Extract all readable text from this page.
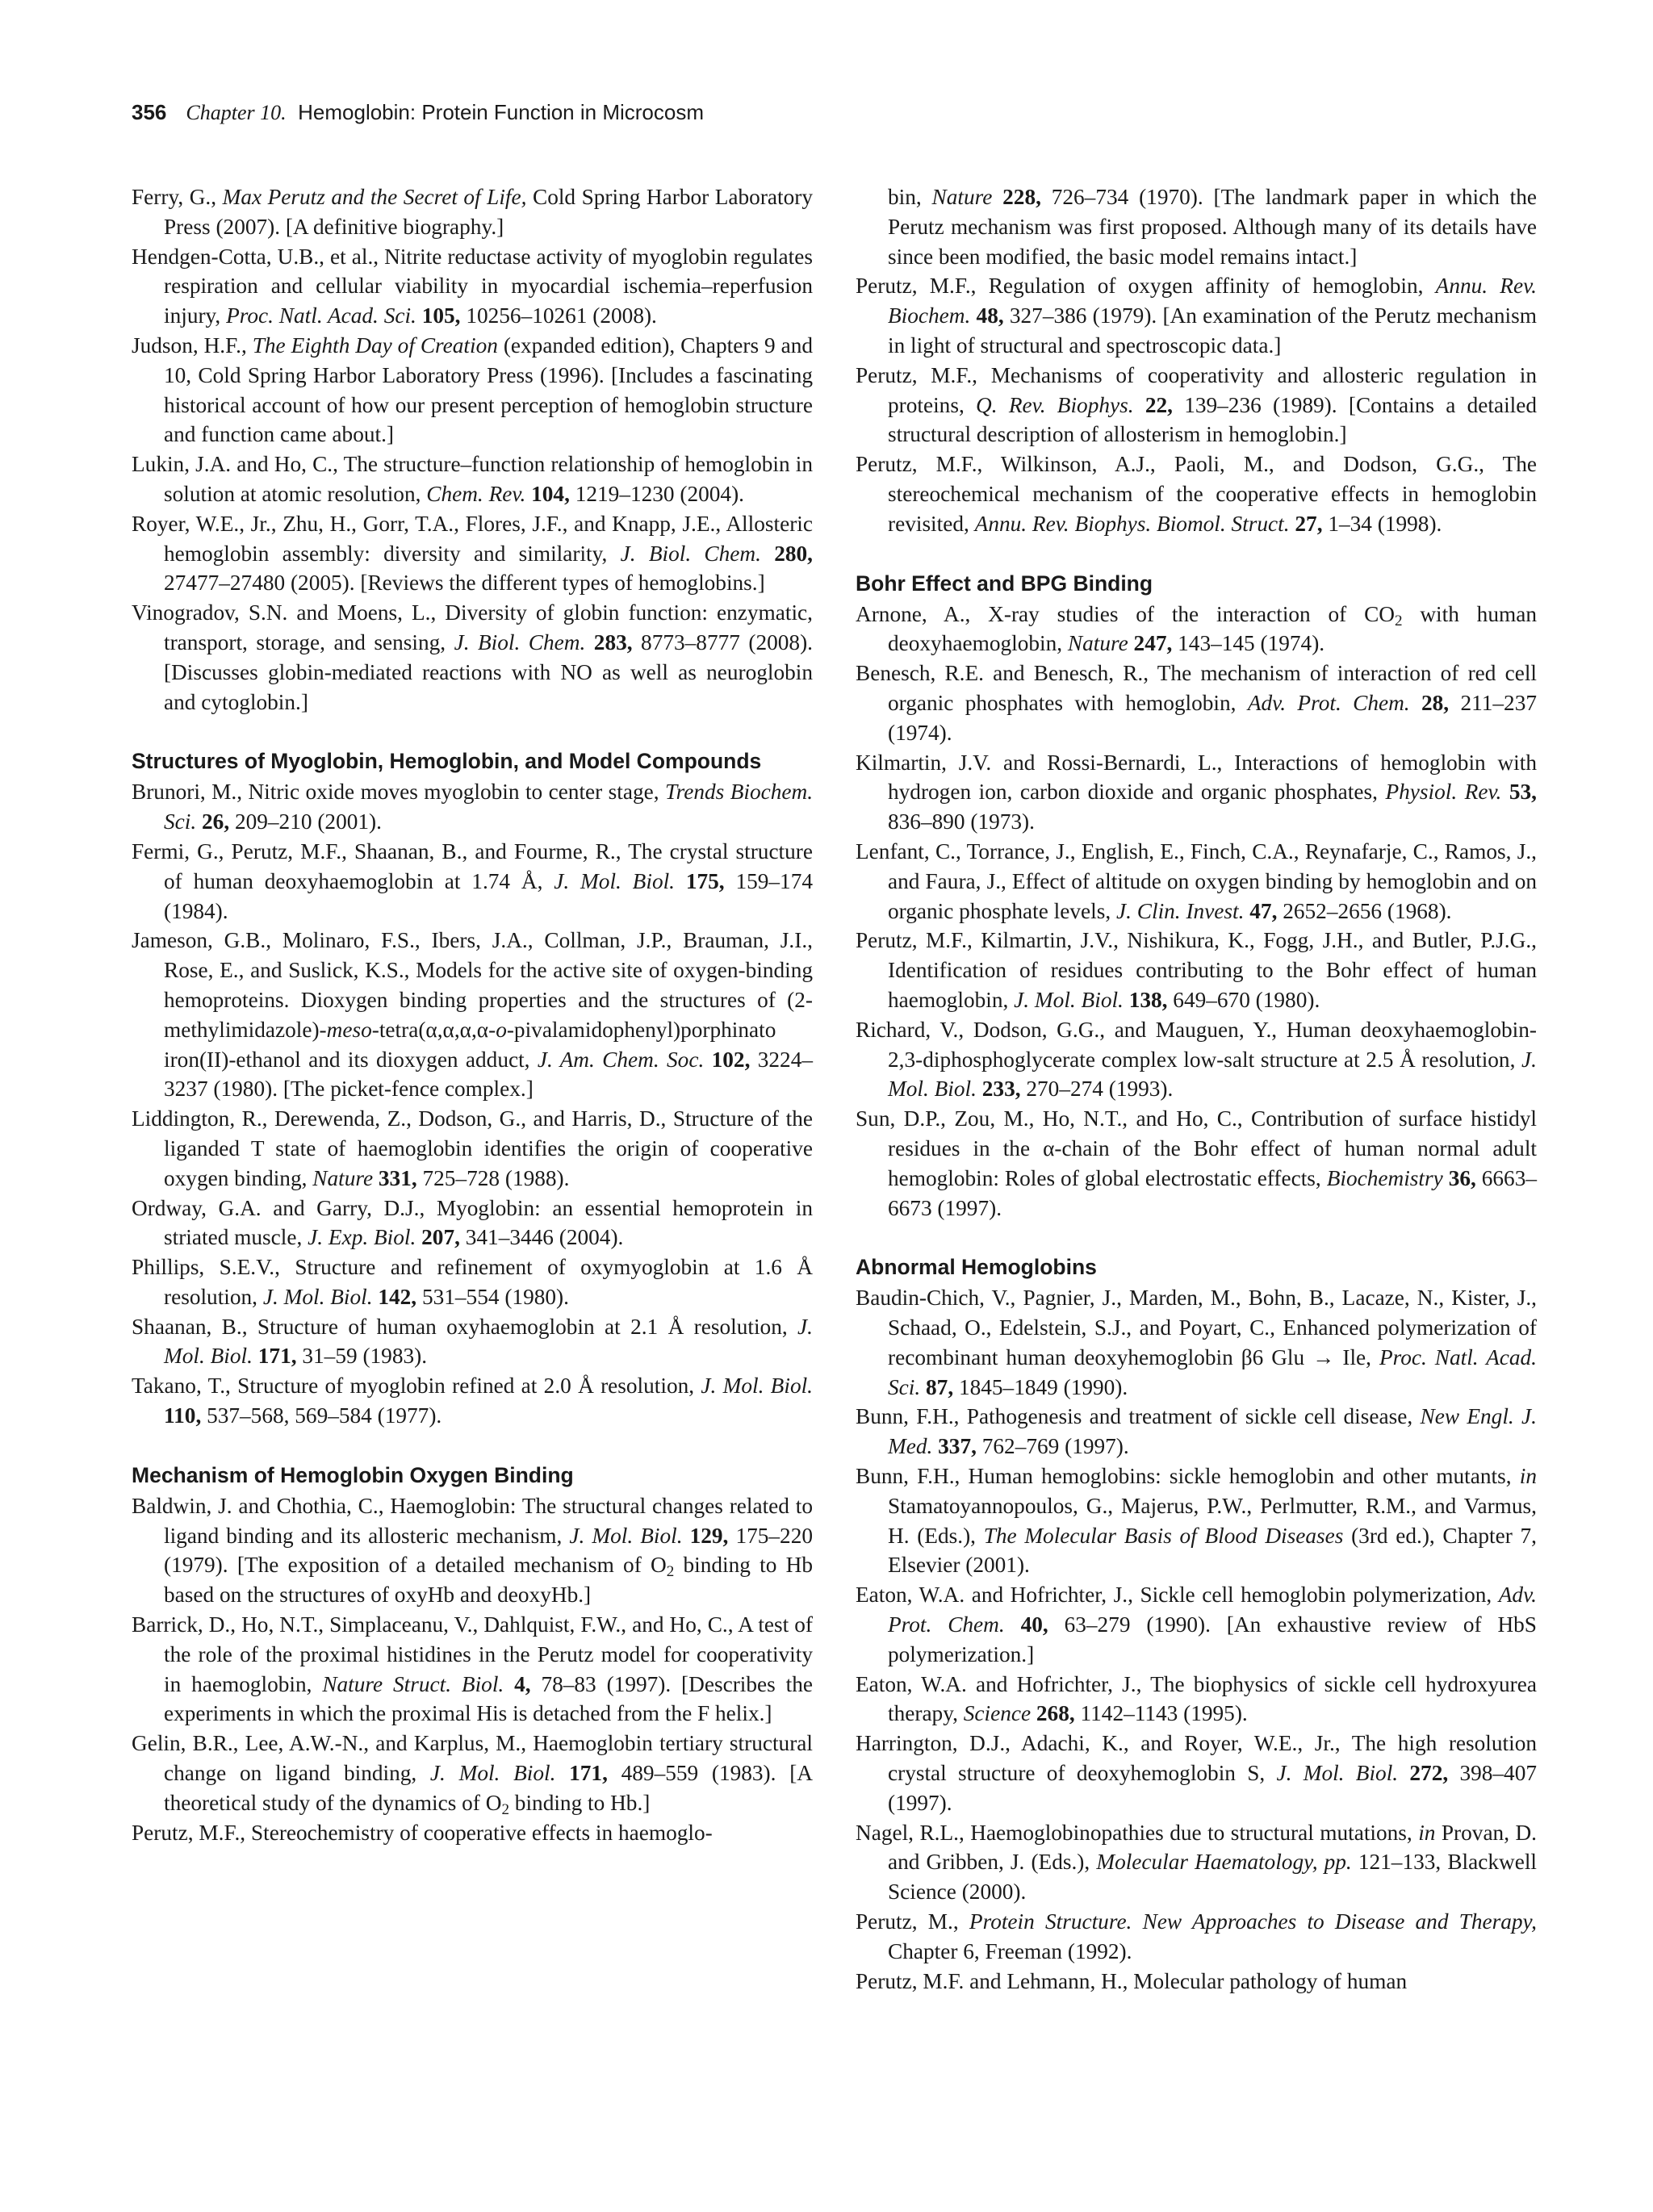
356 Chapter 10. Hemoglobin: Protein Function in Microcosm

Ferry, G., Max Perutz and the Secret of Life, Cold Spring Harbor Laboratory Press (2007). [A definitive biography.]

Hendgen-Cotta, U.B., et al., Nitrite reductase activity of myoglobin regulates respiration and cellular viability in myocardial ischemia–reperfusion injury, Proc. Natl. Acad. Sci. 105, 10256–10261 (2008).

Judson, H.F., The Eighth Day of Creation (expanded edition), Chapters 9 and 10, Cold Spring Harbor Laboratory Press (1996). [Includes a fascinating historical account of how our present perception of hemoglobin structure and function came about.]

Lukin, J.A. and Ho, C., The structure–function relationship of hemoglobin in solution at atomic resolution, Chem. Rev. 104, 1219–1230 (2004).

Royer, W.E., Jr., Zhu, H., Gorr, T.A., Flores, J.F., and Knapp, J.E., Allosteric hemoglobin assembly: diversity and similarity, J. Biol. Chem. 280, 27477–27480 (2005). [Reviews the different types of hemoglobins.]

Vinogradov, S.N. and Moens, L., Diversity of globin function: enzymatic, transport, storage, and sensing, J. Biol. Chem. 283, 8773–8777 (2008). [Discusses globin-mediated reactions with NO as well as neuroglobin and cytoglobin.]

Structures of Myoglobin, Hemoglobin, and Model Compounds

Brunori, M., Nitric oxide moves myoglobin to center stage, Trends Biochem. Sci. 26, 209–210 (2001).

Fermi, G., Perutz, M.F., Shaanan, B., and Fourme, R., The crystal structure of human deoxyhaemoglobin at 1.74 Å, J. Mol. Biol. 175, 159–174 (1984).

Jameson, G.B., Molinaro, F.S., Ibers, J.A., Collman, J.P., Brauman, J.I., Rose, E., and Suslick, K.S., Models for the active site of oxygen-binding hemoproteins. Dioxygen binding properties and the structures of (2-methylimidazole)-meso-tetra(α,α,α,α-o-pivalamidophenyl)porphinato iron(II)-ethanol and its dioxygen adduct, J. Am. Chem. Soc. 102, 3224–3237 (1980). [The picket-fence complex.]

Liddington, R., Derewenda, Z., Dodson, G., and Harris, D., Structure of the liganded T state of haemoglobin identifies the origin of cooperative oxygen binding, Nature 331, 725–728 (1988).

Ordway, G.A. and Garry, D.J., Myoglobin: an essential hemoprotein in striated muscle, J. Exp. Biol. 207, 341–3446 (2004).

Phillips, S.E.V., Structure and refinement of oxymyoglobin at 1.6 Å resolution, J. Mol. Biol. 142, 531–554 (1980).

Shaanan, B., Structure of human oxyhaemoglobin at 2.1 Å resolution, J. Mol. Biol. 171, 31–59 (1983).

Takano, T., Structure of myoglobin refined at 2.0 Å resolution, J. Mol. Biol. 110, 537–568, 569–584 (1977).

Mechanism of Hemoglobin Oxygen Binding

Baldwin, J. and Chothia, C., Haemoglobin: The structural changes related to ligand binding and its allosteric mechanism, J. Mol. Biol. 129, 175–220 (1979). [The exposition of a detailed mechanism of $O_2$ binding to Hb based on the structures of oxyHb and deoxyHb.]

Barrick, D., Ho, N.T., Simplaceanu, V., Dahlquist, F.W., and Ho, C., A test of the role of the proximal histidines in the Perutz model for cooperativity in haemoglobin, Nature Struct. Biol. 4, 78–83 (1997). [Describes the experiments in which the proximal His is detached from the F helix.]

Gelin, B.R., Lee, A.W.-N., and Karplus, M., Haemoglobin tertiary structural change on ligand binding, J. Mol. Biol. 171, 489–559 (1983). [A theoretical study of the dynamics of $O_2$ binding to Hb.]

Perutz, M.F., Stereochemistry of cooperative effects in haemoglo-

bin, Nature 228, 726–734 (1970). [The landmark paper in which the Perutz mechanism was first proposed. Although many of its details have since been modified, the basic model remains intact.]

Perutz, M.F., Regulation of oxygen affinity of hemoglobin, Annu. Rev. Biochem. 48, 327–386 (1979). [An examination of the Perutz mechanism in light of structural and spectroscopic data.]

Perutz, M.F., Mechanisms of cooperativity and allosteric regulation in proteins, Q. Rev. Biophys. 22, 139–236 (1989). [Contains a detailed structural description of allosterism in hemoglobin.]

Perutz, M.F., Wilkinson, A.J., Paoli, M., and Dodson, G.G., The stereochemical mechanism of the cooperative effects in hemoglobin revisited, Annu. Rev. Biophys. Biomol. Struct. 27, 1–34 (1998).

Bohr Effect and BPG Binding

Arnone, A., X-ray studies of the interaction of $CO_2$ with human deoxyhaemoglobin, Nature 247, 143–145 (1974).

Benesch, R.E. and Benesch, R., The mechanism of interaction of red cell organic phosphates with hemoglobin, Adv. Prot. Chem. 28, 211–237 (1974).

Kilmartin, J.V. and Rossi-Bernardi, L., Interactions of hemoglobin with hydrogen ion, carbon dioxide and organic phosphates, Physiol. Rev. 53, 836–890 (1973).

Lenfant, C., Torrance, J., English, E., Finch, C.A., Reynafarje, C., Ramos, J., and Faura, J., Effect of altitude on oxygen binding by hemoglobin and on organic phosphate levels, J. Clin. Invest. 47, 2652–2656 (1968).

Perutz, M.F., Kilmartin, J.V., Nishikura, K., Fogg, J.H., and Butler, P.J.G., Identification of residues contributing to the Bohr effect of human haemoglobin, J. Mol. Biol. 138, 649–670 (1980).

Richard, V., Dodson, G.G., and Mauguen, Y., Human deoxyhaemoglobin-2,3-diphosphoglycerate complex low-salt structure at 2.5 Å resolution, J. Mol. Biol. 233, 270–274 (1993).

Sun, D.P., Zou, M., Ho, N.T., and Ho, C., Contribution of surface histidyl residues in the α-chain of the Bohr effect of human normal adult hemoglobin: Roles of global electrostatic effects, Biochemistry 36, 6663–6673 (1997).

Abnormal Hemoglobins

Baudin-Chich, V., Pagnier, J., Marden, M., Bohn, B., Lacaze, N., Kister, J., Schaad, O., Edelstein, S.J., and Poyart, C., Enhanced polymerization of recombinant human deoxyhemoglobin β6 Glu → Ile, Proc. Natl. Acad. Sci. 87, 1845–1849 (1990).

Bunn, F.H., Pathogenesis and treatment of sickle cell disease, New Engl. J. Med. 337, 762–769 (1997).

Bunn, F.H., Human hemoglobins: sickle hemoglobin and other mutants, in Stamatoyannopoulos, G., Majerus, P.W., Perlmutter, R.M., and Varmus, H. (Eds.), The Molecular Basis of Blood Diseases (3rd ed.), Chapter 7, Elsevier (2001).

Eaton, W.A. and Hofrichter, J., Sickle cell hemoglobin polymerization, Adv. Prot. Chem. 40, 63–279 (1990). [An exhaustive review of HbS polymerization.]

Eaton, W.A. and Hofrichter, J., The biophysics of sickle cell hydroxyurea therapy, Science 268, 1142–1143 (1995).

Harrington, D.J., Adachi, K., and Royer, W.E., Jr., The high resolution crystal structure of deoxyhemoglobin S, J. Mol. Biol. 272, 398–407 (1997).

Nagel, R.L., Haemoglobinopathies due to structural mutations, in Provan, D. and Gribben, J. (Eds.), Molecular Haematology, pp. 121–133, Blackwell Science (2000).

Perutz, M., Protein Structure. New Approaches to Disease and Therapy, Chapter 6, Freeman (1992).

Perutz, M.F. and Lehmann, H., Molecular pathology of human
